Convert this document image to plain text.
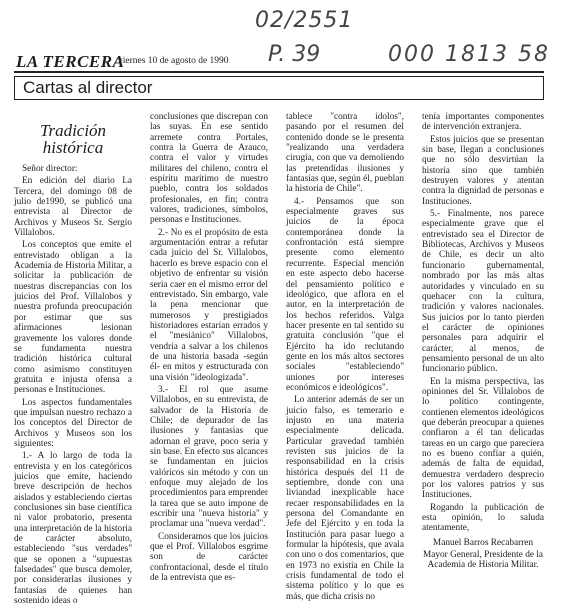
02/2551
P. 39	000 1813 58
LA TERCERA
viernes 10 de agosto de 1990
Cartas al director
Tradición histórica

Señor director:

En edición del diario La Tercera, del domingo 08 de julio de1990, se publicó una entrevista al Director de Archivos y Museos Sr. Sergio Villalobos.

Los conceptos que emite el entrevistado obligan a la Academia de Historia Militar, a solicitar la publicación de nuestras discrepancias con los juicios del Prof. Villalobos y nuestra profunda preocupación por estimar que sus afirmaciones lesionan gravemente los valores donde se fundamenta nuestra tradición histórica cultural como asimismo constituyen gratuita e injusta ofensa a personas e Instituciones.

Los aspectos fundamentales que impulsan nuestro rechazo a los conceptos del Director de Archivos y Museos son los siguientes:

1.- A lo largo de toda la entrevista y en los categóricos juicios que emite, haciendo breve descripción de hechos aislados y estableciendo ciertas conclusiones sin base científica ni valor probatorio, presenta una interpretación de la historia de carácter absoluto, estableciendo "sus verdades" que se oponen a "supuestas falsedades" que busca demoler, por considerarlas ilusiones y fantasías de quienes han sostenido ideas o

conclusiones que discrepan con las suyas. En ese sentido arremete contra Portales, contra la Guerra de Arauco, contra el valor y virtudes militares del chileno, contra el espíritu marítimo de nuestro pueblo, contra los soldados profesionales, en fin; contra valores, tradiciones, símbolos, personas e Instituciones.

2.- No es el propósito de esta argumentación entrar a refutar cada juicio del Sr. Villalobos, hacerlo es breve espacio con el objetivo de enfrentar su visión seria caer en el mismo error del entrevistado. Sin embargo, vale la pena mencionar que numerosos y prestigiados historiadores estarían errados y el "mesiánico" Villalobos, vendría a salvar a los chilenos de una historia basada -según él- en mitos y estructurada con una visión "ideologizada".

3.- El rol que asume Villalobos, en su entrevista, de salvador de la Historia de Chile; de depurador de las ilusiones y fantasías que adornan el grave, poco seria y sin base. En efecto sus alcances se fundamentan en juicios valóricos sin método y con un enfoque muy alejado de los procedimientos para emprender la tarea que se auto impone de escribir una "nueva historia" y proclamar una "nueva verdad".

Consideramos que los juicios que el Prof. Villalobos esgrime son de carácter confrontacional, desde el título de la entrevista que es-

tablece "contra ídolos", pasando por el resumen del contenido donde se le presenta "realizando una verdadera cirugía, con que va demoliendo las pretendidas ilusiones y fantasías que, según él, pueblan la historia de Chile".

4.- Pensamos que son especialmente graves sus juicios de la época contemporánea donde la confrontación está siempre presente como elemento recurrente. Especial mención en este aspecto debo hacerse del pensamiento político e ideológico, que aflora en el autor, en la interpretación de los hechos referidos. Valga hacer presente en tal sentido su gratuita conclusión "que el Ejército ha ido reclutando gente en los más altos sectores sociales "estableciendo" uniones por intereses económicos e ideológicos".

Lo anterior además de ser un juicio falso, es temerario e injusto en una materia especialmente delicada. Particular gravedad también revisten sus juicios de la responsabilidad en la crisis histórica después del 11 de septiembre, donde con una liviandad inexplicable hace recaer responsabilidades en la persona del Comandante en Jefe del Ejército y en toda la Institución para pasar luego a formular la hipótesis, que avala con uno o dos comentarios, que en 1973 no existía en Chile la crisis fundamental de todo el sistema político y lo que es más, que dicha crisis no

tenía importantes componentes de intervención extranjera.

Estos juicios que se presentan sin base, llegan a conclusiones que no sólo desvirtúan la historia sino que también destruyen valores y atentan contra la dignidad de personas e Instituciones.

5.- Finalmente, nos parece especialmente grave que el entrevistado sea el Director de Bibliotecas, Archivos y Museos de Chile, es decir un alto funcionario gubernamental, nombrado por las más altas autoridades y vinculado en su quehacer con la cultura, tradición y valores nacionales. Sus juicios por lo tanto pierden el carácter de opiniones personales para adquirir el carácter, al menos, de pensamiento personal de un alto funcionario público.

En la misma perspectiva, las opiniones del Sr. Villalobos de lo político contingente, contienen elementos ideológicos que deberán preocupar a quienes confiaron a él tan delicadas tareas en un cargo que pareciera no es bueno confiar a quién, además de falta de equidad, demuestra verdadero desprecio por los valores patrios y sus Instituciones.

Rogando la publicación de esta opinión, lo saluda atentamente,

Manuel Barros Recabarren

Mayor General, Presidente de la Academia de Historia Militar.
